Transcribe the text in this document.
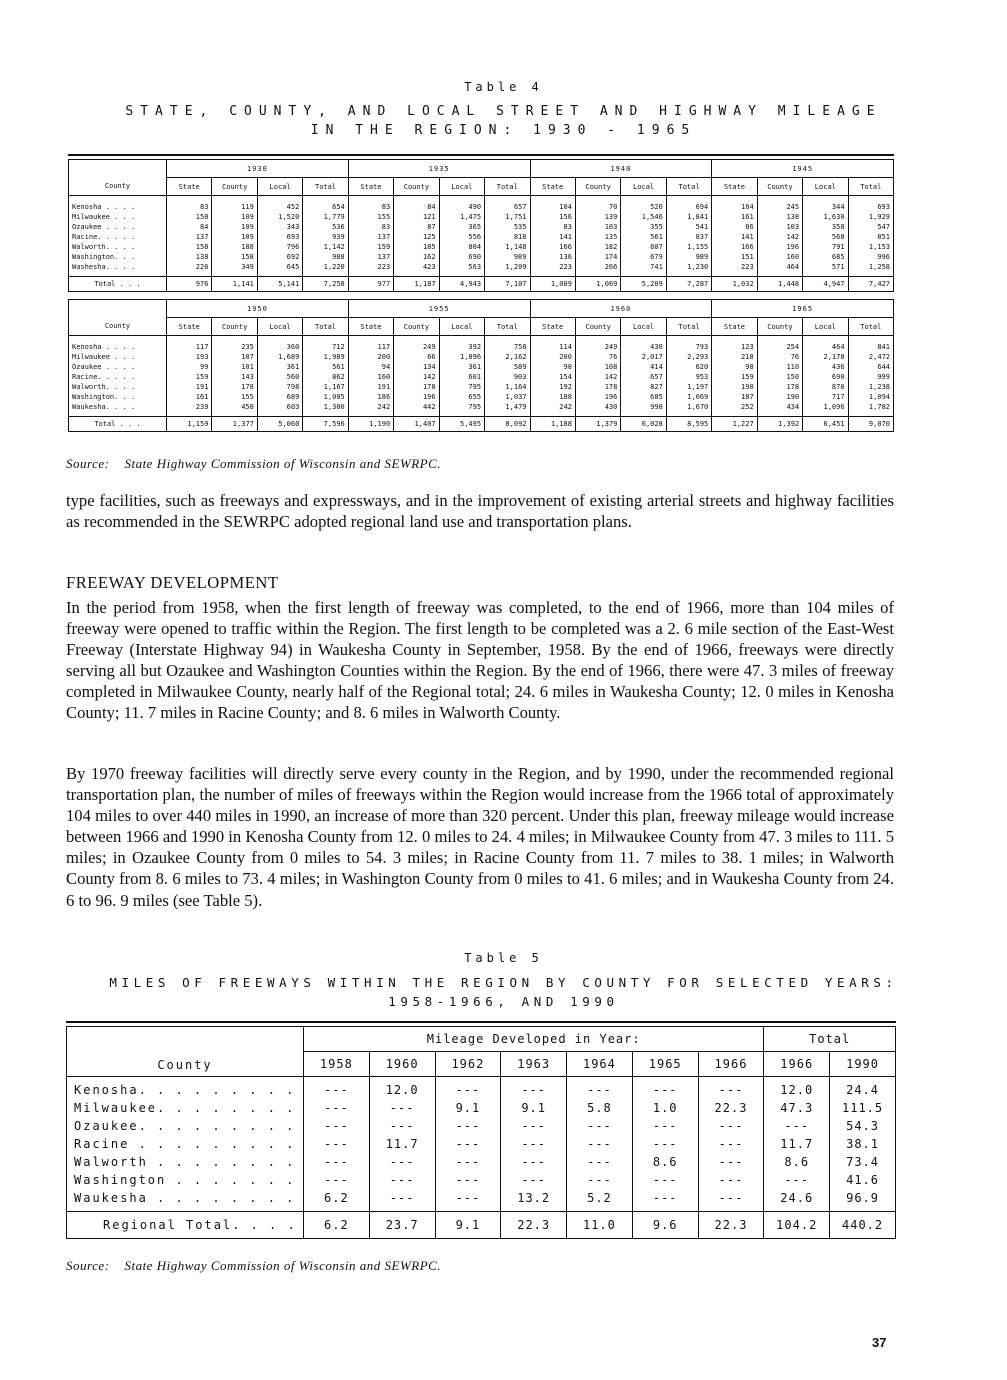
Table 4
STATE, COUNTY, AND LOCAL STREET AND HIGHWAY MILEAGE
IN THE REGION: 1930 - 1965
	1930				1935				1940				1945			
County	State	County	Local	Total	State	County	Local	Total	State	County	Local	Total	State	County	Local	Total
Kenosha . . . .	83	119	452	654	83	84	490	657	104	70	520	694	104	245	344	693
Milwaukee . . .	150	109	1,520	1,779	155	121	1,475	1,751	156	139	1,546	1,841	161	138	1,630	1,929
Ozaukee . . . .	84	109	343	536	83	87	365	535	83	103	355	541	86	103	358	547
Racine. . . . .	137	109	693	939	137	125	556	818	141	135	561	837	141	142	568	851
Walworth. . . .	158	188	796	1,142	159	185	804	1,148	166	182	807	1,155	166	196	791	1,153
Washington. . .	138	158	692	988	137	162	690	989	136	174	679	989	151	160	685	996
Washesha. . . .	226	349	645	1,220	223	423	563	1,209	223	266	741	1,230	223	464	571	1,258
Total . . .	976	1,141	5,141	7,258	977	1,187	4,943	7,107	1,009	1,069	5,209	7,287	1,032	1,448	4,947	7,427
	1950				1955				1960				1965			
County	State	County	Local	Total	State	County	Local	Total	State	County	Local	Total	State	County	Local	Total
Kenosha . . . .	117	235	360	712	117	249	392	758	114	249	430	793	123	254	464	841
Milwaukee . . .	193	107	1,689	1,989	200	66	1,896	2,162	200	76	2,017	2,293	218	76	2,178	2,472
Ozaukee . . . .	99	101	361	561	94	134	361	589	98	108	414	620	98	110	436	644
Racine. . . . .	159	143	560	862	160	142	601	903	154	142	657	953	159	150	690	999
Walworth. . . .	191	178	798	1,167	191	178	795	1,164	192	178	827	1,197	190	178	870	1,238
Washington. . .	161	155	689	1,005	186	196	655	1,037	188	196	685	1,069	187	190	717	1,094
Waukesha. . . .	239	458	603	1,300	242	442	795	1,479	242	430	998	1,670	252	434	1,096	1,782
Total . . .	1,159	1,377	5,060	7,596	1,190	1,407	5,495	8,092	1,188	1,379	6,028	8,595	1,227	1,392	6,451	9,070
Source: State Highway Commission of Wisconsin and SEWRPC.

type facilities, such as freeways and expressways, and in the improvement of existing arterial streets and highway facilities as recommended in the SEWRPC adopted regional land use and transportation plans.

FREEWAY DEVELOPMENT

In the period from 1958, when the first length of freeway was completed, to the end of 1966, more than 104 miles of freeway were opened to traffic within the Region. The first length to be completed was a 2. 6 mile section of the East-West Freeway (Interstate Highway 94) in Waukesha County in September, 1958. By the end of 1966, freeways were directly serving all but Ozaukee and Washington Counties within the Region. By the end of 1966, there were 47. 3 miles of freeway completed in Milwaukee County, nearly half of the Regional total; 24. 6 miles in Waukesha County; 12. 0 miles in Kenosha County; 11. 7 miles in Racine County; and 8. 6 miles in Walworth County.

By 1970 freeway facilities will directly serve every county in the Region, and by 1990, under the recommended regional transportation plan, the number of miles of freeways within the Region would increase from the 1966 total of approximately 104 miles to over 440 miles in 1990, an increase of more than 320 percent. Under this plan, freeway mileage would increase between 1966 and 1990 in Kenosha County from 12. 0 miles to 24. 4 miles; in Milwaukee County from 47. 3 miles to 111. 5 miles; in Ozaukee County from 0 miles to 54. 3 miles; in Racine County from 11. 7 miles to 38. 1 miles; in Walworth County from 8. 6 miles to 73. 4 miles; in Washington County from 0 miles to 41. 6 miles; and in Waukesha County from 24. 6 to 96. 9 miles (see Table 5).

Table 5
MILES OF FREEWAYS WITHIN THE REGION BY COUNTY FOR SELECTED YEARS:
1958-1966, AND 1990
County	Mileage Developed in Year:							Total	
	1958	1960	1962	1963	1964	1965	1966	1966	1990
Kenosha. . . . . . . . .	---	12.0	---	---	---	---	---	12.0	24.4
Milwaukee. . . . . . . .	---	---	9.1	9.1	5.8	1.0	22.3	47.3	111.5
Ozaukee. . . . . . . . .	---	---	---	---	---	---	---	---	54.3
Racine . . . . . . . . .	---	11.7	---	---	---	---	---	11.7	38.1
Walworth . . . . . . . .	---	---	---	---	---	8.6	---	8.6	73.4
Washington . . . . . . .	---	---	---	---	---	---	---	---	41.6
Waukesha . . . . . . . .	6.2	---	---	13.2	5.2	---	---	24.6	96.9
Regional Total. . . .	6.2	23.7	9.1	22.3	11.0	9.6	22.3	104.2	440.2
Source: State Highway Commission of Wisconsin and SEWRPC.
37
